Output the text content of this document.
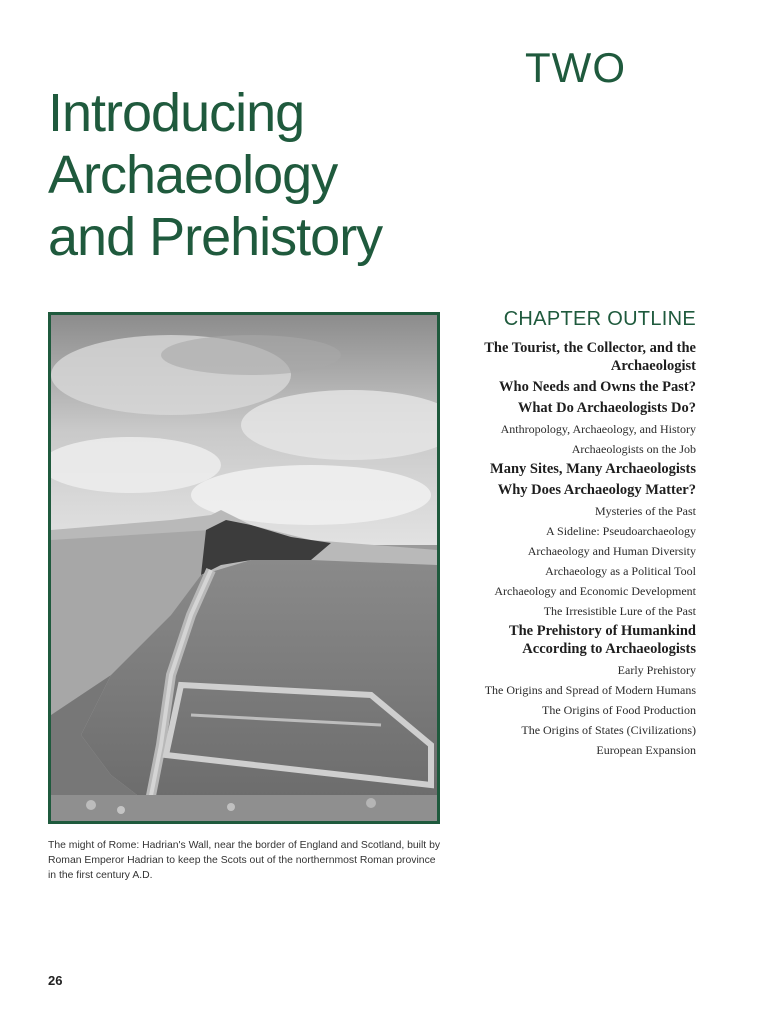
TWO
Introducing
Archaeology
and Prehistory
The might of Rome: Hadrian's Wall, near the border of England and Scotland, built by Roman Emperor Hadrian to keep the Scots out of the northernmost Roman province in the first century A.D.
CHAPTER OUTLINE
The Tourist, the Collector, and the Archaeologist
Who Needs and Owns the Past?
What Do Archaeologists Do?
Anthropology, Archaeology, and History
Archaeologists on the Job
Many Sites, Many Archaeologists
Why Does Archaeology Matter?
Mysteries of the Past
A Sideline: Pseudoarchaeology
Archaeology and Human Diversity
Archaeology as a Political Tool
Archaeology and Economic Development
The Irresistible Lure of the Past
The Prehistory of Humankind According to Archaeologists
Early Prehistory
The Origins and Spread of Modern Humans
The Origins of Food Production
The Origins of States (Civilizations)
European Expansion
26
